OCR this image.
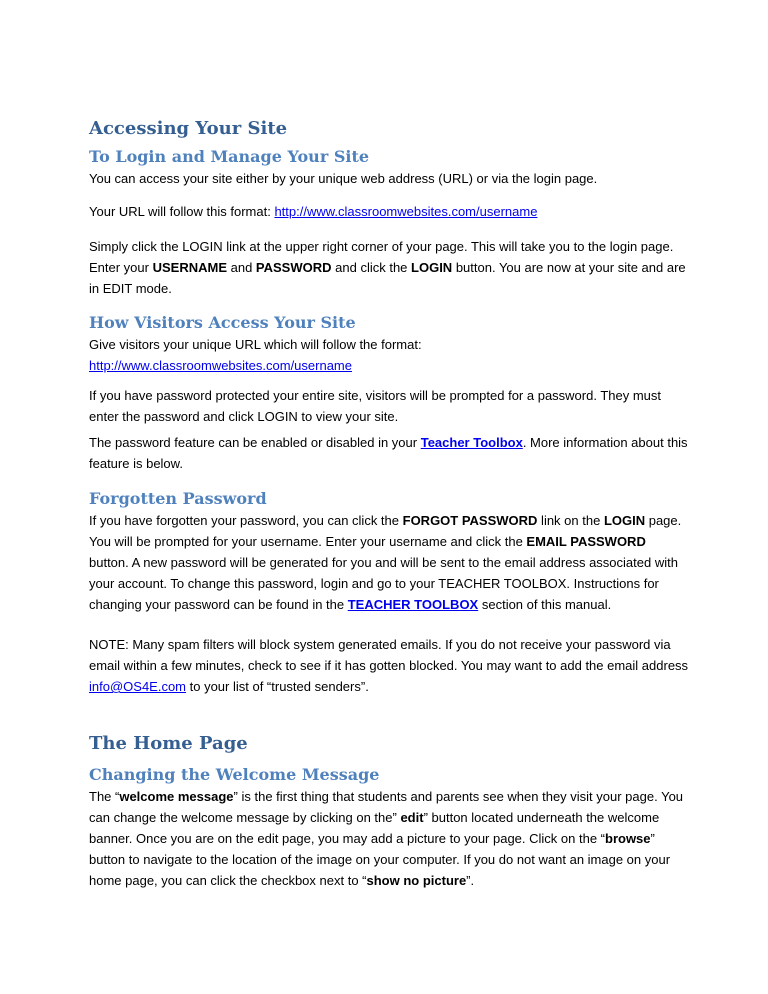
Accessing Your Site
To Login and Manage Your Site

You can access your site either by your unique web address (URL) or via the login page.

Your URL will follow this format: http://www.classroomwebsites.com/username

Simply click the LOGIN link at the upper right corner of your page. This will take you to the login page. Enter your USERNAME and PASSWORD and click the LOGIN button. You are now at your site and are in EDIT mode.

How Visitors Access Your Site

Give visitors your unique URL which will follow the format:
http://www.classroomwebsites.com/username

If you have password protected your entire site, visitors will be prompted for a password. They must enter the password and click LOGIN to view your site.

The password feature can be enabled or disabled in your Teacher Toolbox. More information about this feature is below.

Forgotten Password

If you have forgotten your password, you can click the FORGOT PASSWORD link on the LOGIN page. You will be prompted for your username. Enter your username and click the EMAIL PASSWORD button. A new password will be generated for you and will be sent to the email address associated with your account. To change this password, login and go to your TEACHER TOOLBOX. Instructions for changing your password can be found in the TEACHER TOOLBOX section of this manual.

NOTE: Many spam filters will block system generated emails. If you do not receive your password via email within a few minutes, check to see if it has gotten blocked. You may want to add the email address info@OS4E.com to your list of “trusted senders”.

The Home Page
Changing the Welcome Message

The “welcome message” is the first thing that students and parents see when they visit your page. You can change the welcome message by clicking on the” edit” button located underneath the welcome banner. Once you are on the edit page, you may add a picture to your page. Click on the “browse” button to navigate to the location of the image on your computer. If you do not want an image on your home page, you can click the checkbox next to “show no picture”.
